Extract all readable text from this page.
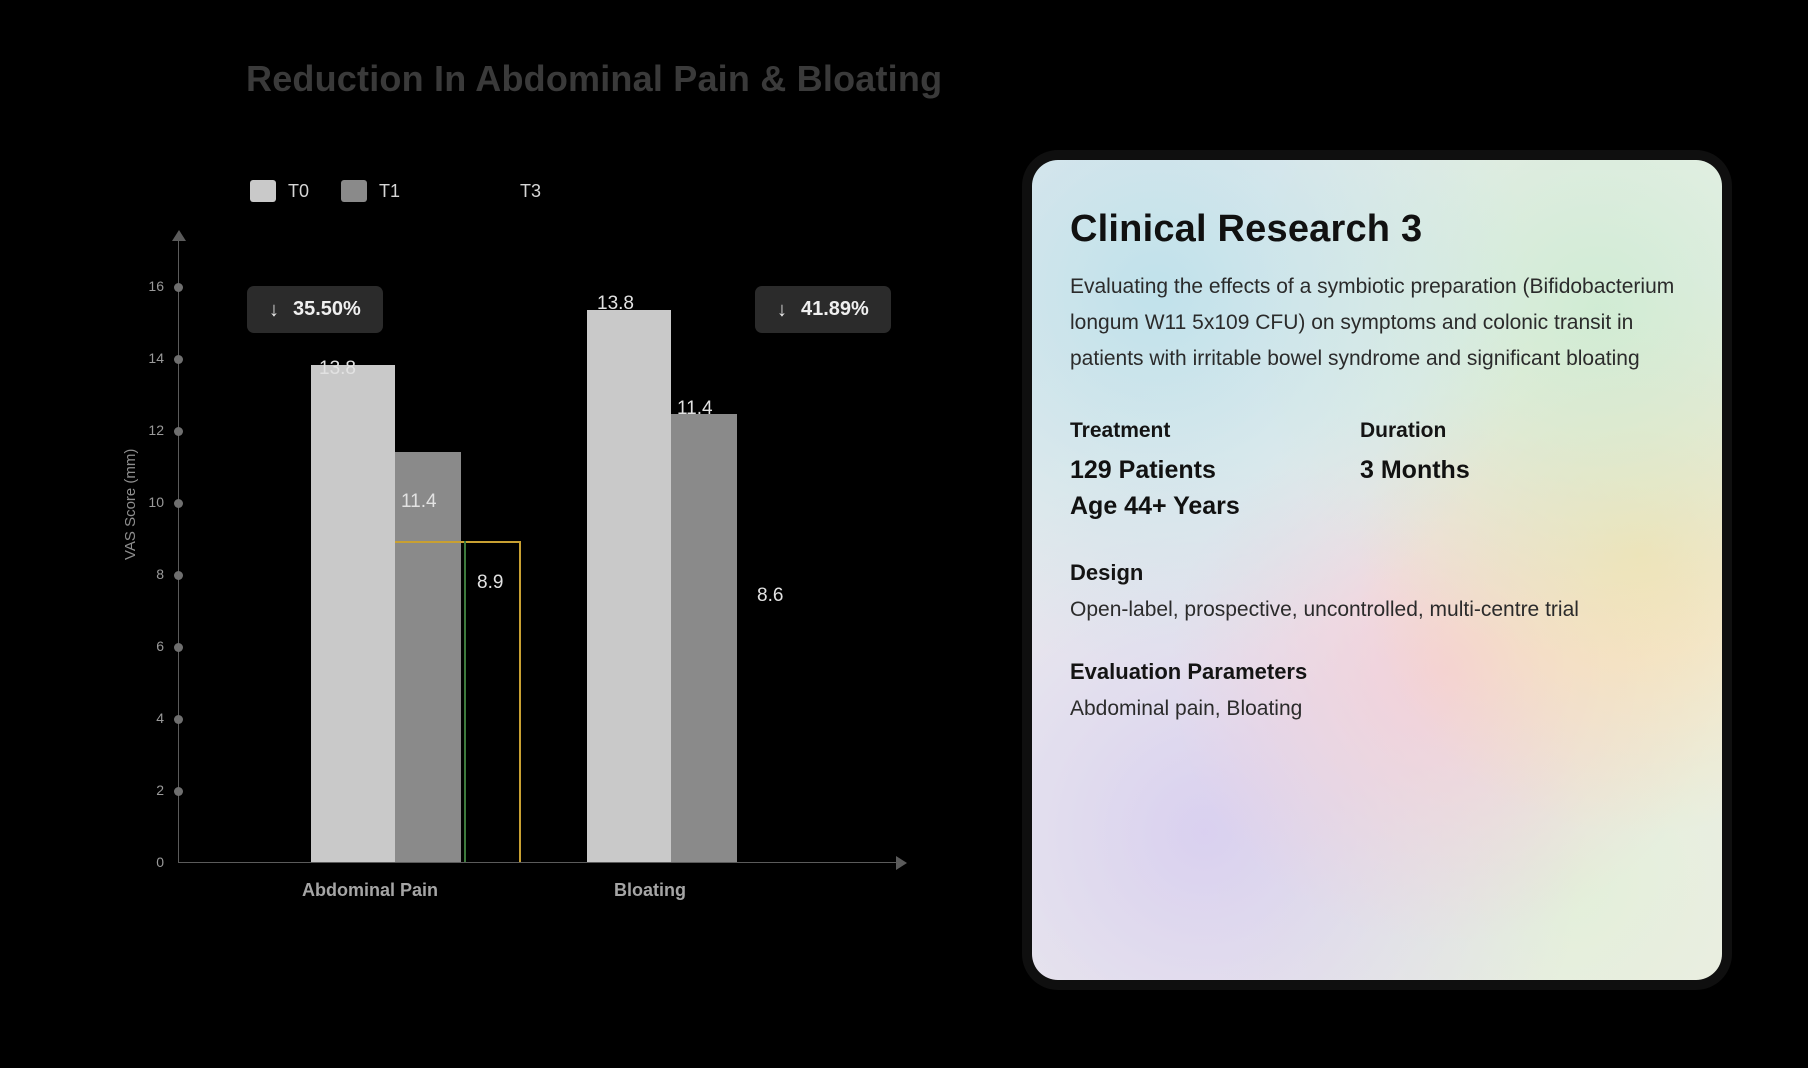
Reduction In Abdominal Pain & Bloating
T0	T1	T3
VAS Score (mm)
16
14
12
10
8
6
4
2
0
13.8
11.4
8.9
13.8
11.4
8.6
Abdominal Pain	Bloating
↓ 35.50%	↓ 41.89%
Clinical Research 3
Evaluating the effects of a symbiotic preparation (Bifidobacterium longum W11 5x109 CFU) on symptoms and colonic transit in patients with irritable bowel syndrome and significant bloating
Treatment
129 Patients
Age 44+ Years
Duration
3 Months
Design
Open-label, prospective, uncontrolled, multi-centre trial
Evaluation Parameters
Abdominal pain, Bloating
